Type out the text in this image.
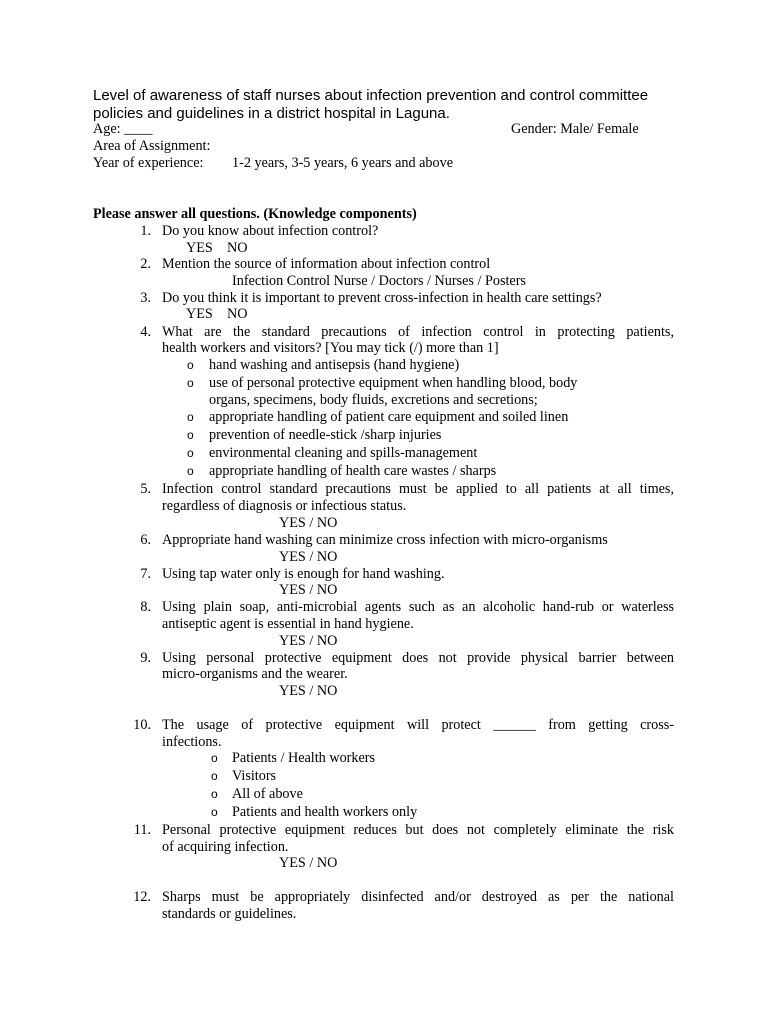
Level of awareness of staff nurses about infection prevention and control committee policies and guidelines in a district hospital in Laguna.
Age: ____	Gender: Male/ Female
Area of Assignment:
Year of experience: 1-2 years, 3-5 years, 6 years and above
Please answer all questions. (Knowledge components)
1. Do you know about infection control?
YES    NO
2. Mention the source of information about infection control
Infection Control Nurse / Doctors / Nurses / Posters
3. Do you think it is important to prevent cross-infection in health care settings?
YES    NO
4. What are the standard precautions of infection control in protecting patients,
health workers and visitors? [You may tick (/) more than 1]
o hand washing and antisepsis (hand hygiene)
o use of personal protective equipment when handling blood, body
organs, specimens, body fluids, excretions and secretions;
o appropriate handling of patient care equipment and soiled linen
o prevention of needle-stick /sharp injuries
o environmental cleaning and spills-management
o appropriate handling of health care wastes / sharps
5. Infection control standard precautions must be applied to all patients at all times,
regardless of diagnosis or infectious status.
YES / NO
6. Appropriate hand washing can minimize cross infection with micro-organisms
YES / NO
7. Using tap water only is enough for hand washing.
YES / NO
8. Using plain soap, anti-microbial agents such as an alcoholic hand-rub or waterless
antiseptic agent is essential in hand hygiene.
YES / NO
9. Using personal protective equipment does not provide physical barrier between
micro-organisms and the wearer.
YES / NO
10. The usage of protective equipment will protect ______ from getting cross-
infections.
o Patients / Health workers
o Visitors
o All of above
o Patients and health workers only
11. Personal protective equipment reduces but does not completely eliminate the risk
of acquiring infection.
YES / NO
12. Sharps must be appropriately disinfected and/or destroyed as per the national
standards or guidelines.
